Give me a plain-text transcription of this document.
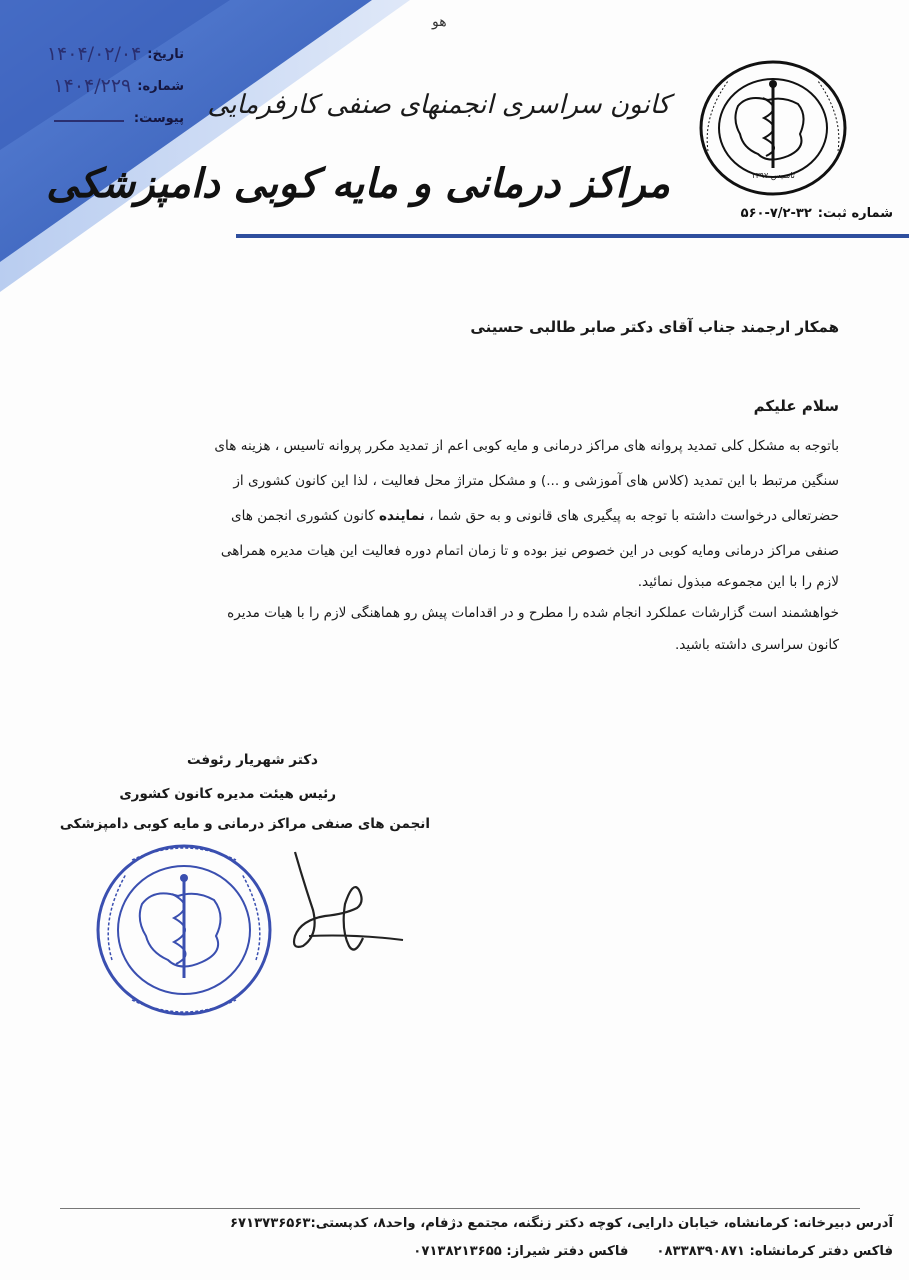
هو
تاریخ:
۱۴۰۴/۰۲/۰۴
شماره:
۱۴۰۴/۲۲۹
پیوست: کانون سراسری انجمنهای صنفی کارفرمایی
مراکز درمانی و مایه کوبی دامپزشکی	تاسیس ۱۳۹۷
شماره ثبت:۳۲-۷/۲-۵۶۰
همکار ارجمند جناب آقای دکتر صابر طالبی حسینی
سلام علیکم
باتوجه به مشکل کلی تمدید پروانه های مراکز درمانی و مایه کوبی اعم از تمدید مکرر پروانه تاسیس ، هزینه های
سنگین مرتبط با این تمدید (کلاس های آموزشی و ...) و مشکل متراژ محل فعالیت ، لذا این کانون کشوری از
حضرتعالی درخواست داشته با توجه به پیگیری های قانونی و به حق شما ، نماینده کانون کشوری انجمن های
صنفی مراکز درمانی ومایه کوبی در این خصوص نیز بوده و تا زمان اتمام دوره فعالیت این هیات مدیره همراهی
لازم را با این مجموعه مبذول نمائید.
خواهشمند است گزارشات عملکرد انجام شده را مطرح و در اقدامات پیش رو هماهنگی لازم را با هیات مدیره
کانون سراسری داشته باشید.
دکتر شهریار رئوفت
رئیس هیئت مدیره کانون کشوری
انجمن های صنفی مراکز درمانی و مایه کوبی دامپزشکی
آدرس دبیرخانه: کرمانشاه، خیابان دارایی، کوچه دکتر زنگنه، مجتمع دژفام، واحد۸، کدپستی:۶۷۱۳۷۳۶۵۶۳
فاکس دفتر کرمانشاه: ۰۸۳۳۸۳۹۰۸۷۱فاکس دفتر شیراز: ۰۷۱۳۸۲۱۳۶۵۵
